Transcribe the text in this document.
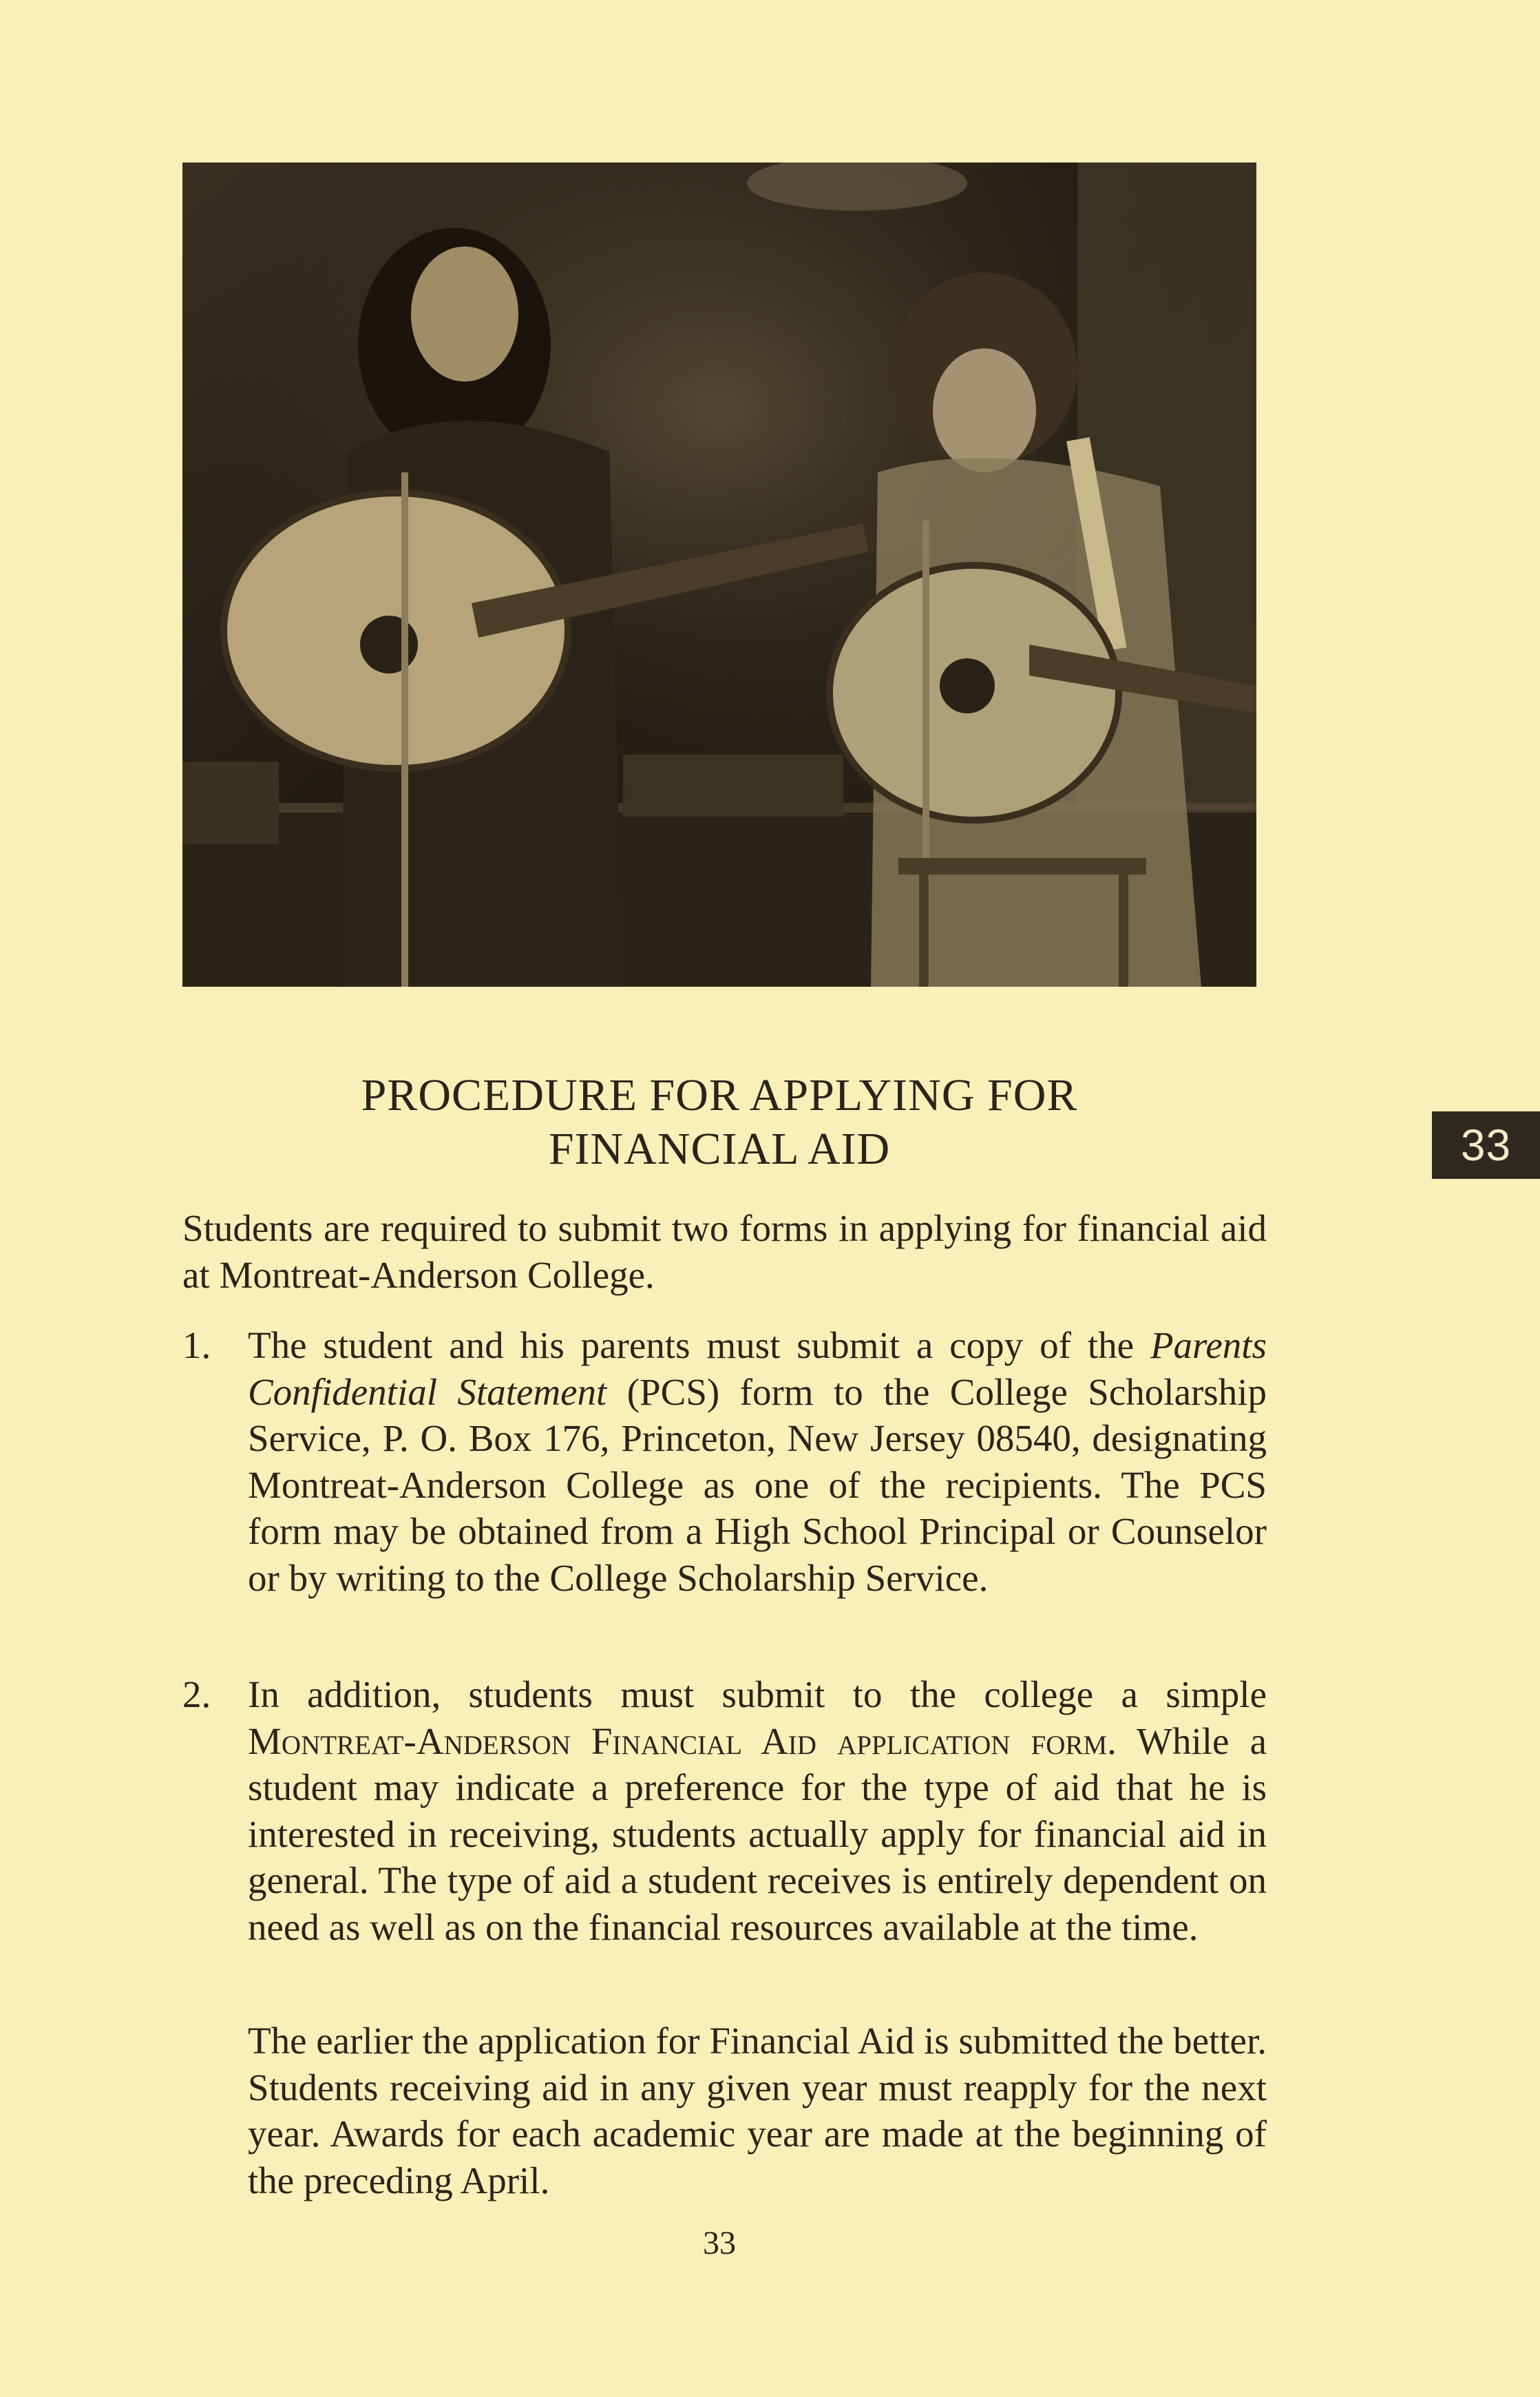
33
PROCEDURE FOR APPLYING FOR
FINANCIAL AID

Students are required to submit two forms in applying for financial aid at Montreat-Anderson College.

1. The student and his parents must submit a copy of the Parents Confidential Statement (PCS) form to the College Scholarship Service, P. O. Box 176, Princeton, New Jersey 08540, designating Montreat-Anderson College as one of the recipients. The PCS form may be obtained from a High School Principal or Counselor or by writing to the College Scholarship Service.
2. In addition, students must submit to the college a simple Montreat-Anderson Financial Aid application form. While a student may indicate a preference for the type of aid that he is interested in receiving, students actually apply for financial aid in general. The type of aid a student receives is entirely dependent on need as well as on the financial resources available at the time.

The earlier the application for Financial Aid is submitted the better. Students receiving aid in any given year must reapply for the next year. Awards for each academic year are made at the beginning of the preceding April.

33
